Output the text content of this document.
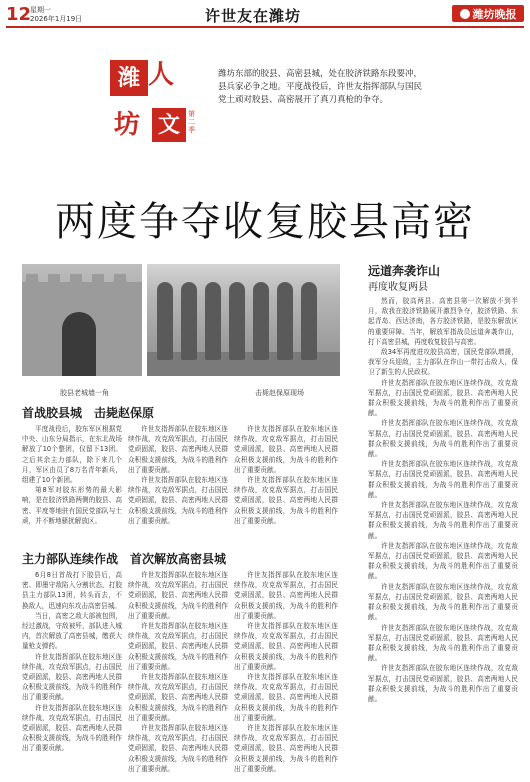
12
星期一
2026年1月19日	许世友在潍坊	潍坊晚报
潍 人
坊 文	第二季
潍坊东部的胶县、高密县城，处在胶济铁路东段要冲，县兵家必争之地。平度战役后，许世友指挥部队与国民党土顽对胶县、高密展开了真刀真枪的争夺。
两度争夺收复胶县高密
胶县老城墙一角	击毙赵保原现场
远道奔袭诈山
再度收复两县

然而，胶高两县、高密县第一次解放不到半月，敌我在胶济铁路展开激烈争夺，胶济铁路、东起青岛、西达济南，各方胶济铁路，是胶东解放区的重要屏障。当年，解放军指战员远道奔袭诈山，打下高密县城，再度收复胶县与高密。

敌34军再度进攻胶县高密，国民党部队增援，我军分兵迎敌，主力部队在诈山一带打击敌人，保卫了新生的人民政权。

许世友指挥部队在胶东地区连续作战，攻克敌军据点，打击国民党顽固派，胶县、高密两地人民群众积极支援前线，为战斗的胜利作出了重要贡献。

许世友指挥部队在胶东地区连续作战，攻克敌军据点，打击国民党顽固派，胶县、高密两地人民群众积极支援前线，为战斗的胜利作出了重要贡献。

许世友指挥部队在胶东地区连续作战，攻克敌军据点，打击国民党顽固派，胶县、高密两地人民群众积极支援前线，为战斗的胜利作出了重要贡献。

许世友指挥部队在胶东地区连续作战，攻克敌军据点，打击国民党顽固派，胶县、高密两地人民群众积极支援前线，为战斗的胜利作出了重要贡献。

许世友指挥部队在胶东地区连续作战，攻克敌军据点，打击国民党顽固派，胶县、高密两地人民群众积极支援前线，为战斗的胜利作出了重要贡献。

许世友指挥部队在胶东地区连续作战，攻克敌军据点，打击国民党顽固派，胶县、高密两地人民群众积极支援前线，为战斗的胜利作出了重要贡献。

许世友指挥部队在胶东地区连续作战，攻克敌军据点，打击国民党顽固派，胶县、高密两地人民群众积极支援前线，为战斗的胜利作出了重要贡献。

许世友指挥部队在胶东地区连续作战，攻克敌军据点，打击国民党顽固派，胶县、高密两地人民群众积极支援前线，为战斗的胜利作出了重要贡献。

首战胶县城　击毙赵保原

平度战役后，胶东军区根据党中央、山东分局指示，在东北战场解放了10个整团，仅留下13团。之后其余主力部队，除下来几个月，军区由员了8万名青年新兵，组建了10个新团。

第8军对胶东形势的最大影响，是在胶济铁路两侧的胶县、高密、平度等地驻有国民党部队与土顽，并不断地骚扰解放区。

许世友指挥部队在胶东地区连续作战，攻克敌军据点，打击国民党顽固派，胶县、高密两地人民群众积极支援前线，为战斗的胜利作出了重要贡献。

许世友指挥部队在胶东地区连续作战，攻克敌军据点，打击国民党顽固派，胶县、高密两地人民群众积极支援前线，为战斗的胜利作出了重要贡献。

许世友指挥部队在胶东地区连续作战，攻克敌军据点，打击国民党顽固派，胶县、高密两地人民群众积极支援前线，为战斗的胜利作出了重要贡献。

许世友指挥部队在胶东地区连续作战，攻克敌军据点，打击国民党顽固派，胶县、高密两地人民群众积极支援前线，为战斗的胜利作出了重要贡献。

主力部队连续作战　首次解放高密县城

6月8日首战打下胶县后，高密、即墨守敌陷入分割状态，打胶县主力部队13团，转头而去，不换敌人，迅速向东攻击高密县城。

当日，高密之敌大部被包围，经过激战，守敌被歼，部队进入城内，首次解放了高密县城，缴获大量枪支弹药。

许世友指挥部队在胶东地区连续作战，攻克敌军据点，打击国民党顽固派，胶县、高密两地人民群众积极支援前线，为战斗的胜利作出了重要贡献。

许世友指挥部队在胶东地区连续作战，攻克敌军据点，打击国民党顽固派，胶县、高密两地人民群众积极支援前线，为战斗的胜利作出了重要贡献。

许世友指挥部队在胶东地区连续作战，攻克敌军据点，打击国民党顽固派，胶县、高密两地人民群众积极支援前线，为战斗的胜利作出了重要贡献。

许世友指挥部队在胶东地区连续作战，攻克敌军据点，打击国民党顽固派，胶县、高密两地人民群众积极支援前线，为战斗的胜利作出了重要贡献。

许世友指挥部队在胶东地区连续作战，攻克敌军据点，打击国民党顽固派，胶县、高密两地人民群众积极支援前线，为战斗的胜利作出了重要贡献。

许世友指挥部队在胶东地区连续作战，攻克敌军据点，打击国民党顽固派，胶县、高密两地人民群众积极支援前线，为战斗的胜利作出了重要贡献。

许世友指挥部队在胶东地区连续作战，攻克敌军据点，打击国民党顽固派，胶县、高密两地人民群众积极支援前线，为战斗的胜利作出了重要贡献。

许世友指挥部队在胶东地区连续作战，攻克敌军据点，打击国民党顽固派，胶县、高密两地人民群众积极支援前线，为战斗的胜利作出了重要贡献。

许世友指挥部队在胶东地区连续作战，攻克敌军据点，打击国民党顽固派，胶县、高密两地人民群众积极支援前线，为战斗的胜利作出了重要贡献。

许世友指挥部队在胶东地区连续作战，攻克敌军据点，打击国民党顽固派，胶县、高密两地人民群众积极支援前线，为战斗的胜利作出了重要贡献。
